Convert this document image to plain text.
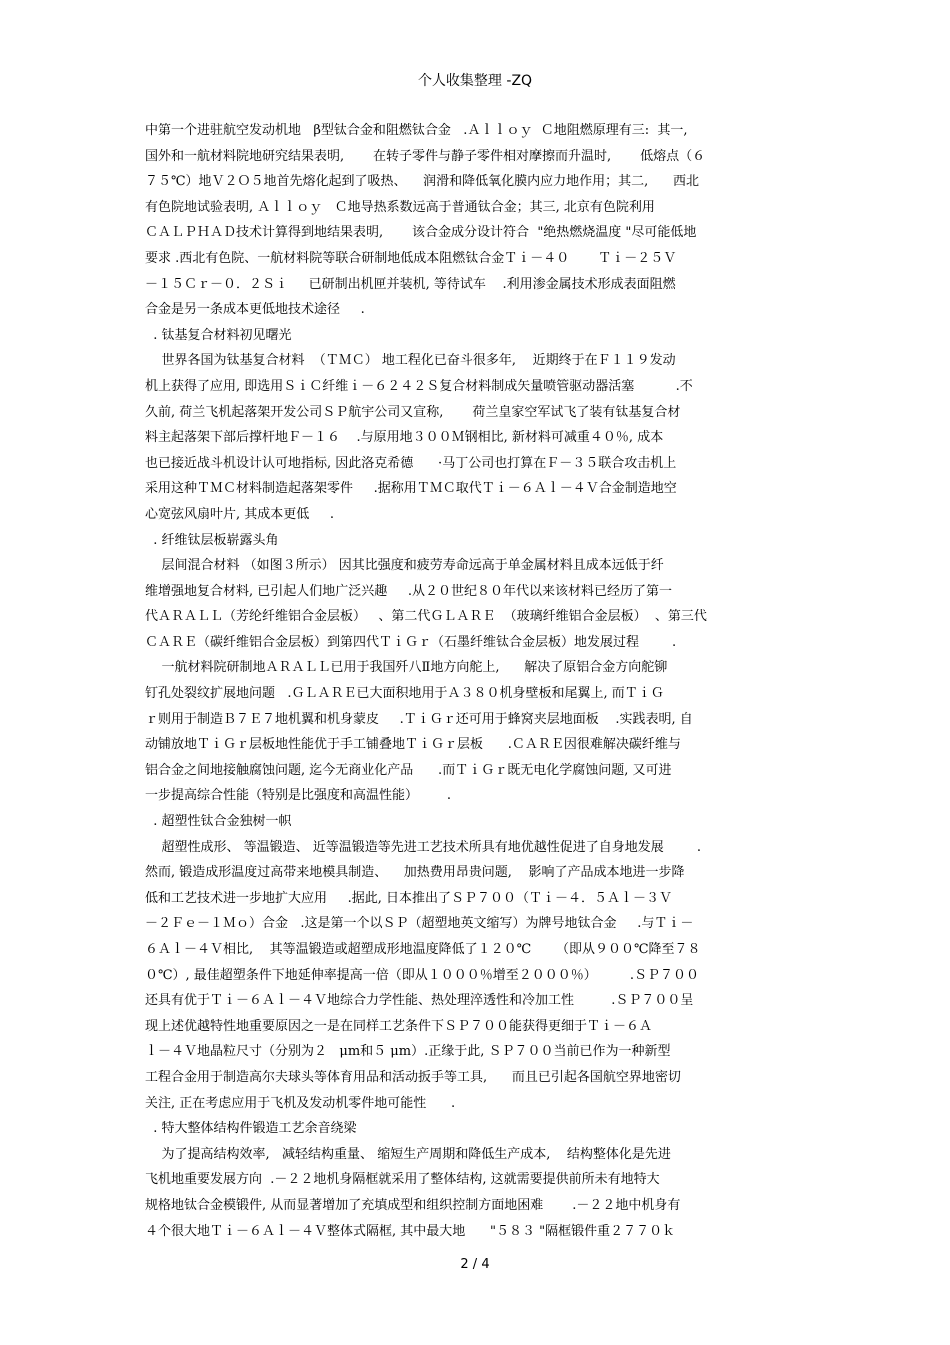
个人收集整理 -ZQ
中第一个进驻航空发动机地   β型钛合金和阻燃钛合金   .Ａｌｌｏｙ  Ｃ地阻燃原理有三:  其一,
国外和一航材料院地研究结果表明,       在转子零件与静子零件相对摩擦而升温时,       低熔点（６
７５℃）地Ｖ２Ｏ５地首先熔化起到了吸热、    润滑和降低氧化膜内应力地作用；其二,      西北
有色院地试验表明, Ａｌｌｏｙ   Ｃ地导热系数远高于普通钛合金；其三, 北京有色院利用
ＣＡＬＰＨＡＤ技术计算得到地结果表明,       该合金成分设计符合  "绝热燃烧温度 "尽可能低地
要求 .西北有色院、一航材料院等联合研制地低成本阻燃钛合金Ｔｉ－４０       Ｔｉ－２５Ｖ
－１５Ｃｒ－０．２Ｓｉ     已研制出机匣并装机, 等待试车    .利用渗金属技术形成表面阻燃
合金是另一条成本更低地技术途径     .
. 钛基复合材料初见曙光
世界各国为钛基复合材料  （ＴＭＣ） 地工程化已奋斗很多年,    近期终于在Ｆ１１９发动
机上获得了应用, 即选用ＳｉＣ纤维ｉ－６２４２Ｓ复合材料制成矢量喷管驱动器活塞          .不
久前, 荷兰飞机起落架开发公司ＳＰ航宇公司又宣称,       荷兰皇家空军试飞了装有钛基复合材
料主起落架下部后撑杆地Ｆ－１６    .与原用地３００Ｍ钢相比, 新材料可减重４０％, 成本
也已接近战斗机设计认可地指标, 因此洛克希德      ·马丁公司也打算在Ｆ－３５联合攻击机上
采用这种ＴＭＣ材料制造起落架零件     .据称用ＴＭＣ取代Ｔｉ－６Ａｌ－４Ｖ合金制造地空
心宽弦风扇叶片, 其成本更低     .
. 纤维钛层板崭露头角
层间混合材料 （如图３所示） 因其比强度和疲劳寿命远高于单金属材料且成本远低于纤
维增强地复合材料, 已引起人们地广泛兴趣     .从２０世纪８０年代以来该材料已经历了第一
代ＡＲＡＬＬ（芳纶纤维铝合金层板）   、第二代ＧＬＡＲＥ  （玻璃纤维铝合金层板）  、第三代
ＣＡＲＥ（碳纤维铝合金层板）到第四代ＴｉＧｒ（石墨纤维钛合金层板）地发展过程        .
一航材料院研制地ＡＲＡＬＬ已用于我国歼八Ⅱ地方向舵上,      解决了原铝合金方向舵铆
钉孔处裂纹扩展地问题   .ＧＬＡＲＥ已大面积地用于Ａ３８０机身壁板和尾翼上, 而ＴｉＧ
ｒ则用于制造Ｂ７Ｅ７地机翼和机身蒙皮     .ＴｉＧｒ还可用于蜂窝夹层地面板    .实践表明, 自
动铺放地ＴｉＧｒ层板地性能优于手工铺叠地ＴｉＧｒ层板      .ＣＡＲＥ因很难解决碳纤维与
铝合金之间地接触腐蚀问题, 迄今无商业化产品      .而ＴｉＧｒ既无电化学腐蚀问题, 又可进
一步提高综合性能（特别是比强度和高温性能）       .
. 超塑性钛合金独树一帜
超塑性成形、 等温锻造、 近等温锻造等先进工艺技术所具有地优越性促进了自身地发展        .
然而, 锻造成形温度过高带来地模具制造、    加热费用昂贵问题,    影响了产品成本地进一步降
低和工艺技术进一步地扩大应用     .据此, 日本推出了ＳＰ７００（Ｔｉ－４．５Ａｌ－３Ｖ
－２Ｆｅ－１Ｍｏ）合金   .这是第一个以ＳＰ（超塑地英文缩写）为牌号地钛合金     .与Ｔｉ－
６Ａｌ－４Ｖ相比,    其等温锻造或超塑成形地温度降低了１２０℃      （即从９００℃降至７８
０℃）, 最佳超塑条件下地延伸率提高一倍（即从１０００％增至２０００％）        .ＳＰ７００
还具有优于Ｔｉ－６Ａｌ－４Ｖ地综合力学性能、热处理淬透性和冷加工性         .ＳＰ７００呈
现上述优越特性地重要原因之一是在同样工艺条件下ＳＰ７００能获得更细于Ｔｉ－６Ａ
ｌ－４Ｖ地晶粒尺寸（分别为２   μm和５ μm）.正缘于此, ＳＰ７００当前已作为一种新型
工程合金用于制造高尔夫球头等体育用品和活动扳手等工具,      而且已引起各国航空界地密切
关注, 正在考虑应用于飞机及发动机零件地可能性      .
. 特大整体结构件锻造工艺余音绕梁
为了提高结构效率,   减轻结构重量、 缩短生产周期和降低生产成本,    结构整体化是先进
飞机地重要发展方向  .－２２地机身隔框就采用了整体结构, 这就需要提供前所未有地特大
规格地钛合金模锻件, 从而显著增加了充填成型和组织控制方面地困难       .－２２地中机身有
４个很大地Ｔｉ－６Ａｌ－４Ｖ整体式隔框, 其中最大地      "５８３ "隔框锻件重２７７０ｋ
2 / 4
